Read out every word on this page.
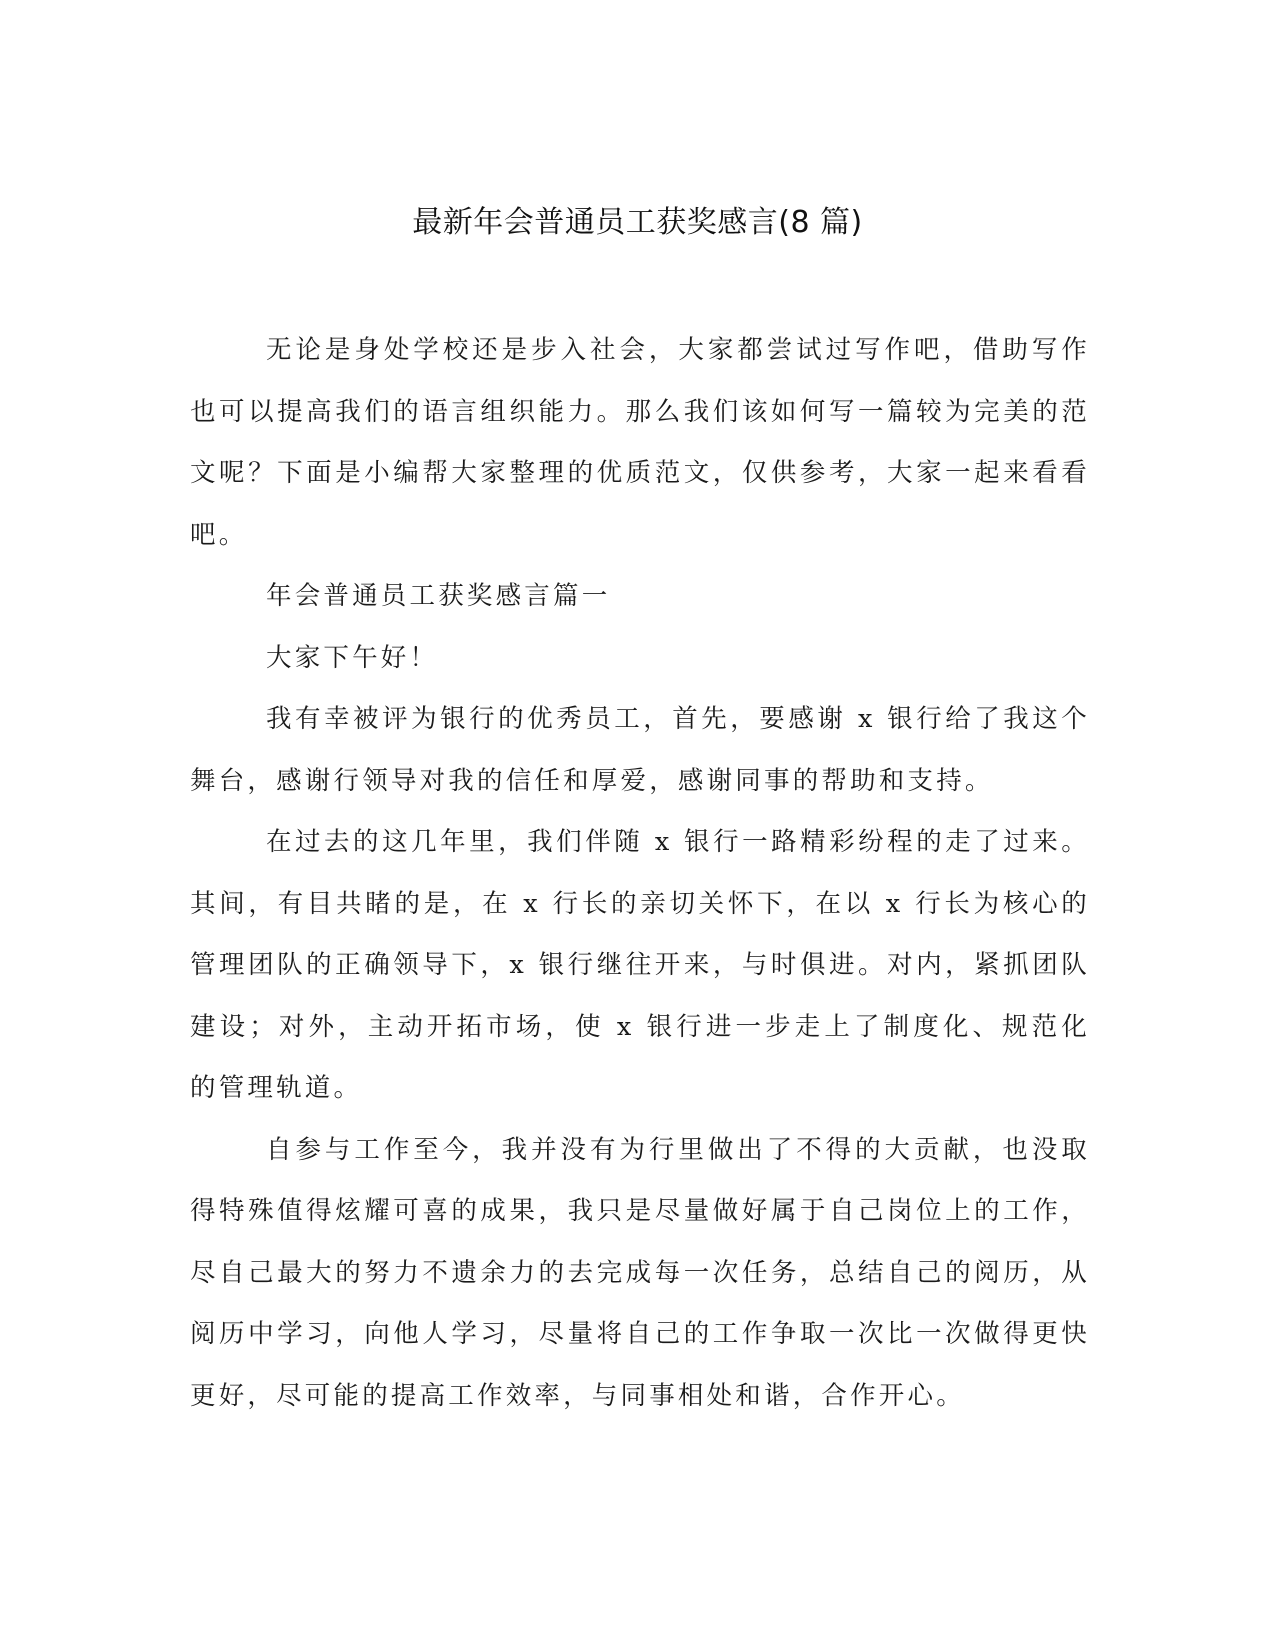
最新年会普通员工获奖感言(8 篇)

无论是身处学校还是步入社会，大家都尝试过写作吧，借助写作也可以提高我们的语言组织能力。那么我们该如何写一篇较为完美的范文呢？下面是小编帮大家整理的优质范文，仅供参考，大家一起来看看吧。

年会普通员工获奖感言篇一

大家下午好！

我有幸被评为银行的优秀员工，首先，要感谢 x 银行给了我这个舞台，感谢行领导对我的信任和厚爱，感谢同事的帮助和支持。

在过去的这几年里，我们伴随 x 银行一路精彩纷程的走了过来。其间，有目共睹的是，在 x 行长的亲切关怀下，在以 x 行长为核心的管理团队的正确领导下，x 银行继往开来，与时俱进。对内，紧抓团队建设；对外，主动开拓市场，使 x 银行进一步走上了制度化、规范化的管理轨道。

自参与工作至今，我并没有为行里做出了不得的大贡献，也没取得特殊值得炫耀可喜的成果，我只是尽量做好属于自己岗位上的工作，尽自己最大的努力不遗余力的去完成每一次任务，总结自己的阅历，从阅历中学习，向他人学习，尽量将自己的工作争取一次比一次做得更快更好，尽可能的提高工作效率，与同事相处和谐，合作开心。
